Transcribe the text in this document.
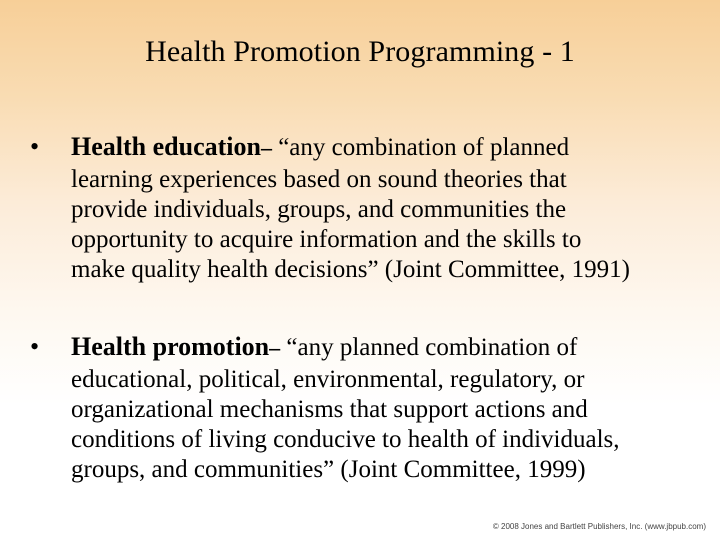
Health Promotion Programming - 1
•	Health education – “any combination of planned
learning experiences based on sound theories that
provide individuals, groups, and communities the
opportunity to acquire information and the skills to
make quality health decisions” (Joint Committee, 1991)
•	Health promotion – “any planned combination of
educational, political, environmental, regulatory, or
organizational mechanisms that support actions and
conditions of living conducive to health of individuals,
groups, and communities” (Joint Committee, 1999)
© 2008 Jones and Bartlett Publishers, Inc. (www.jbpub.com)
